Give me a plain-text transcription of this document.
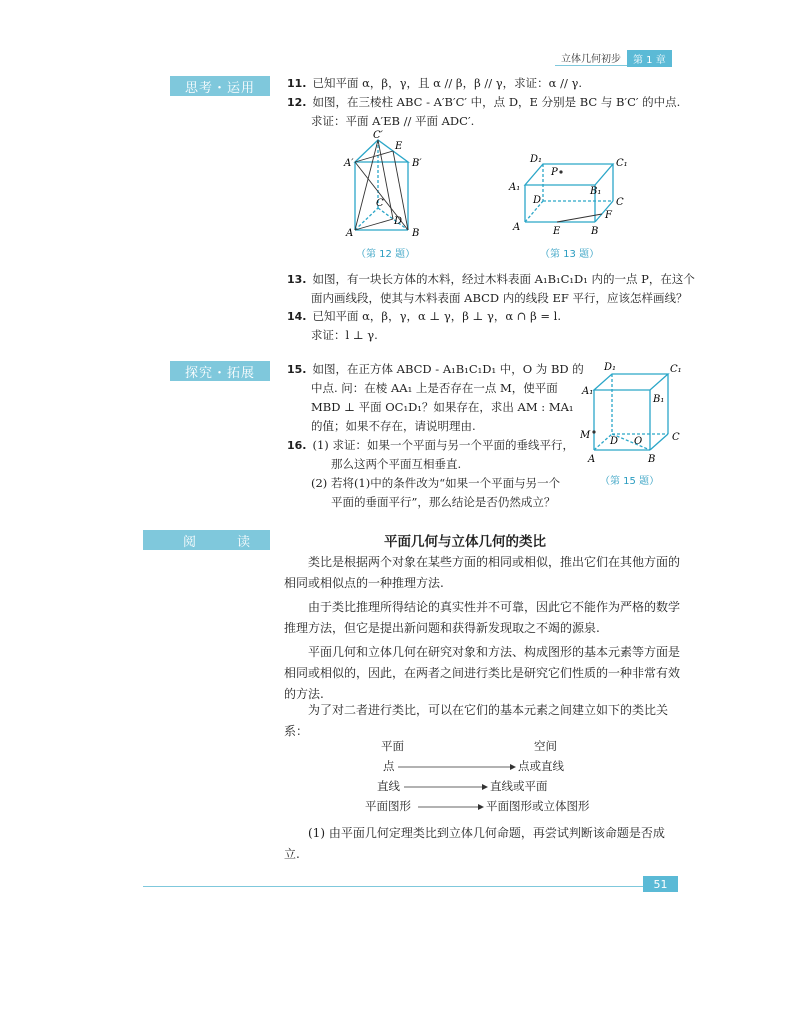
立体几何初步	第 1 章
思考・运用	11. 已知平面 α，β，γ，且 α // β，β // γ，求证：α // γ.
12. 如图，在三棱柱 ABC - A′B′C′ 中，点 D，E 分别是 BC 与 B′C′ 的中点.
求证：平面 A′EB // 平面 ADC′.
A′
C′
E
B′
C
D
A	B
（第 12 题）
D₁	C₁
P
A₁	B₁
D	C
F
A	E	B
（第 13 题）
13. 如图，有一块长方体的木料，经过木料表面 A₁B₁C₁D₁ 内的一点 P，在这个
面内画线段，使其与木料表面 ABCD 内的线段 EF 平行，应该怎样画线？
14. 已知平面 α，β，γ，α ⊥ γ，β ⊥ γ，α ∩ β = l.
求证：l ⊥ γ.
探究・拓展	15. 如图，在正方体 ABCD - A₁B₁C₁D₁ 中，O 为 BD 的
中点. 问：在棱 AA₁ 上是否存在一点 M，使平面
MBD ⊥ 平面 OC₁D₁？如果存在，求出 AM : MA₁
的值；如果不存在，请说明理由.
16. (1) 求证：如果一个平面与另一个平面的垂线平行，
那么这两个平面互相垂直.
(2) 若将(1)中的条件改为“如果一个平面与另一个
平面的垂面平行”，那么结论是否仍然成立？
D₁	C₁
A₁
B₁
M
D O	C
A	B
（第 15 题）
阅　读	平面几何与立体几何的类比
类比是根据两个对象在某些方面的相同或相似，推出它们在其他方面的相同或相似点的一种推理方法.
由于类比推理所得结论的真实性并不可靠，因此它不能作为严格的数学推理方法，但它是提出新问题和获得新发现取之不竭的源泉.
平面几何和立体几何在研究对象和方法、构成图形的基本元素等方面是相同或相似的，因此，在两者之间进行类比是研究它们性质的一种非常有效的方法.
为了对二者进行类比，可以在它们的基本元素之间建立如下的类比关系：
平面	空间
点	点或直线
直线	直线或平面
平面图形	平面图形或立体图形
(1) 由平面几何定理类比到立体几何命题，再尝试判断该命题是否成立.
51
